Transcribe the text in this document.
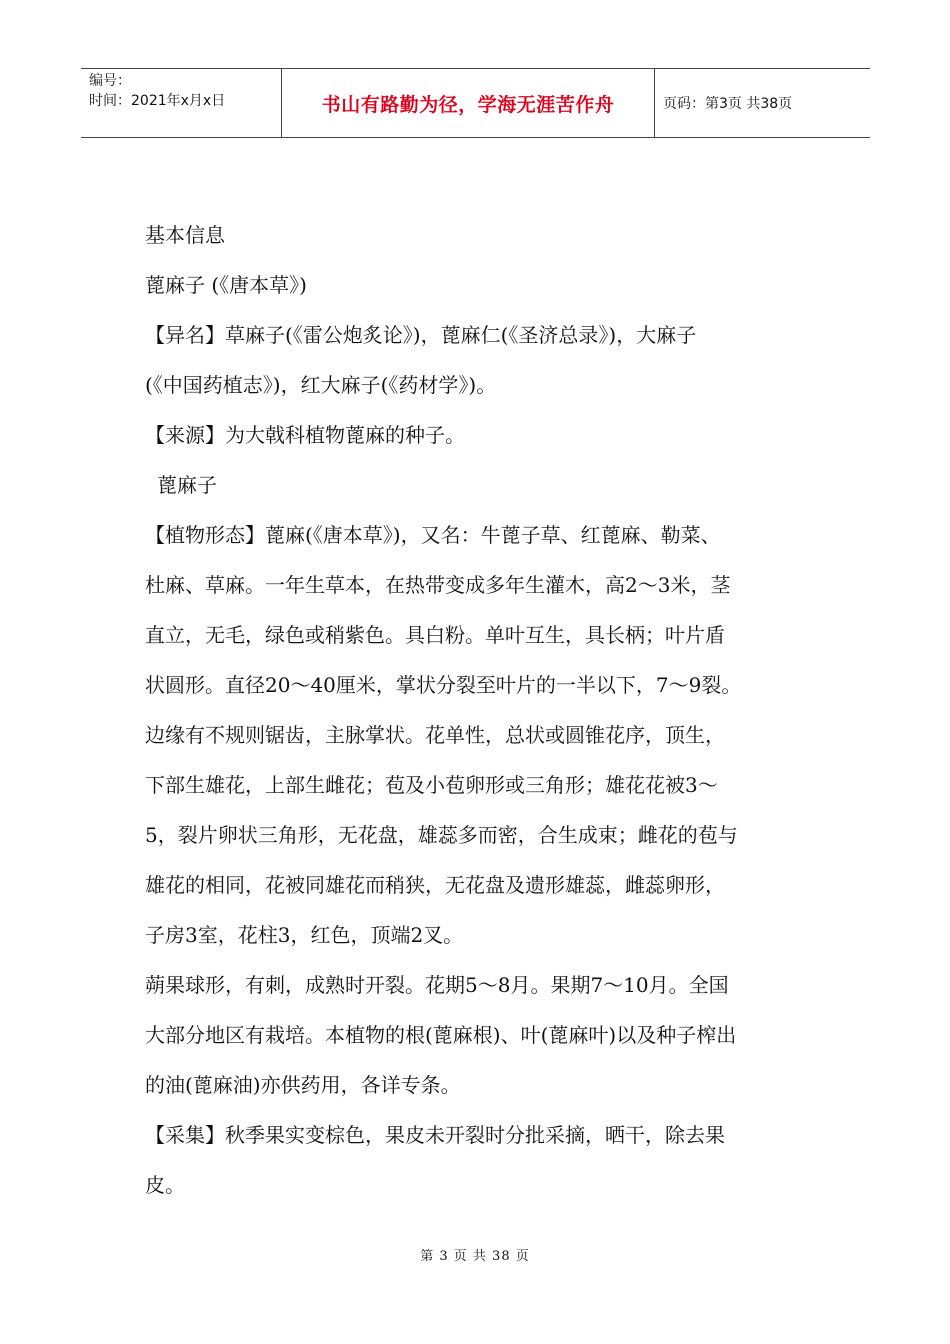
编号：
时间：2021年x月x日	书山有路勤为径，学海无涯苦作舟	页码：第3页 共38页

基本信息

蓖麻子 (《唐本草》)

【异名】草麻子(《雷公炮炙论》)，蓖麻仁(《圣济总录》)，大麻子

(《中国药植志》)，红大麻子(《药材学》)。

【来源】为大戟科植物蓖麻的种子。

蓖麻子

【植物形态】蓖麻(《唐本草》)，又名：牛蓖子草、红蓖麻、勒菜、

杜麻、草麻。一年生草本，在热带变成多年生灌木，高2～3米，茎

直立，无毛，绿色或稍紫色。具白粉。单叶互生，具长柄；叶片盾

状圆形。直径20～40厘米，掌状分裂至叶片的一半以下，7～9裂。

边缘有不规则锯齿，主脉掌状。花单性，总状或圆锥花序，顶生，

下部生雄花，上部生雌花；苞及小苞卵形或三角形；雄花花被3～

5，裂片卵状三角形，无花盘，雄蕊多而密，合生成束；雌花的苞与

雄花的相同，花被同雄花而稍狭，无花盘及遗形雄蕊，雌蕊卵形，

子房3室，花柱3，红色，顶端2叉。

蒴果球形，有刺，成熟时开裂。花期5～8月。果期7～10月。全国

大部分地区有栽培。本植物的根(蓖麻根)、叶(蓖麻叶)以及种子榨出

的油(蓖麻油)亦供药用，各详专条。

【采集】秋季果实变棕色，果皮未开裂时分批采摘，晒干，除去果

皮。

第 3 页 共 38 页
